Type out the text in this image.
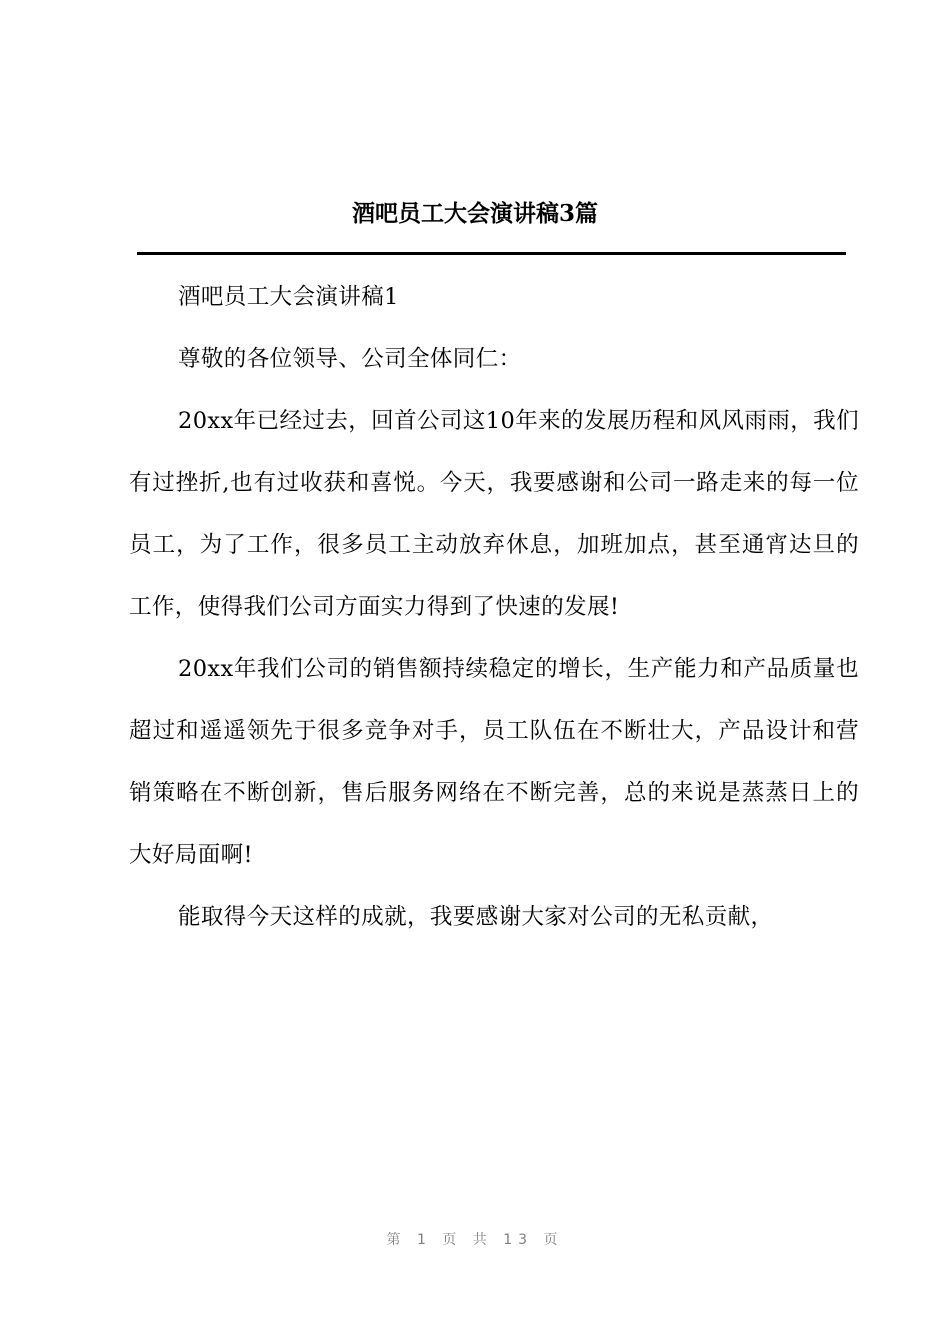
酒吧员工大会演讲稿3篇

酒吧员工大会演讲稿1

尊敬的各位领导、公司全体同仁：

20xx年已经过去，回首公司这10年来的发展历程和风风雨雨，我们有过挫折,也有过收获和喜悦。今天，我要感谢和公司一路走来的每一位员工，为了工作，很多员工主动放弃休息，加班加点，甚至通宵达旦的工作，使得我们公司方面实力得到了快速的发展!

20xx年我们公司的销售额持续稳定的增长，生产能力和产品质量也超过和遥遥领先于很多竞争对手，员工队伍在不断壮大，产品设计和营销策略在不断创新，售后服务网络在不断完善，总的来说是蒸蒸日上的大好局面啊!

能取得今天这样的成就，我要感谢大家对公司的无私贡献，

第 1 页 共 13 页
